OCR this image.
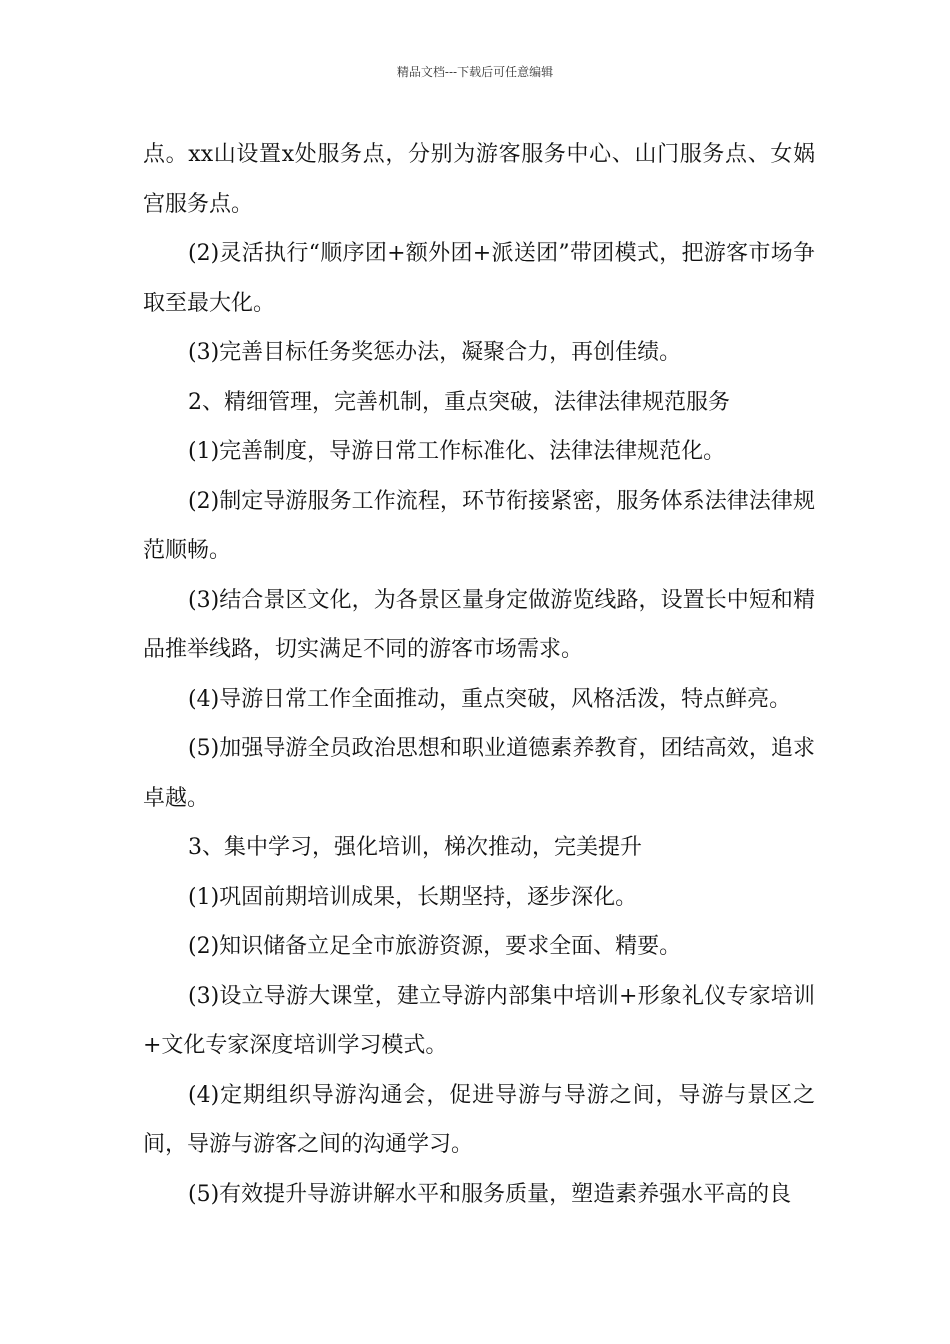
精品文档---下载后可任意编辑

点。xx山设置x处服务点，分别为游客服务中心、山门服务点、女娲宫服务点。

(2)灵活执行“顺序团+额外团+派送团”带团模式，把游客市场争取至最大化。

(3)完善目标任务奖惩办法，凝聚合力，再创佳绩。

2、精细管理，完善机制，重点突破，法律法律规范服务

(1)完善制度，导游日常工作标准化、法律法律规范化。

(2)制定导游服务工作流程，环节衔接紧密，服务体系法律法律规范顺畅。

(3)结合景区文化，为各景区量身定做游览线路，设置长中短和精品推举线路，切实满足不同的游客市场需求。

(4)导游日常工作全面推动，重点突破，风格活泼，特点鲜亮。

(5)加强导游全员政治思想和职业道德素养教育，团结高效，追求卓越。

3、集中学习，强化培训，梯次推动，完美提升

(1)巩固前期培训成果，长期坚持，逐步深化。

(2)知识储备立足全市旅游资源，要求全面、精要。

(3)设立导游大课堂，建立导游内部集中培训+形象礼仪专家培训+文化专家深度培训学习模式。

(4)定期组织导游沟通会，促进导游与导游之间，导游与景区之间，导游与游客之间的沟通学习。

(5)有效提升导游讲解水平和服务质量，塑造素养强水平高的良
